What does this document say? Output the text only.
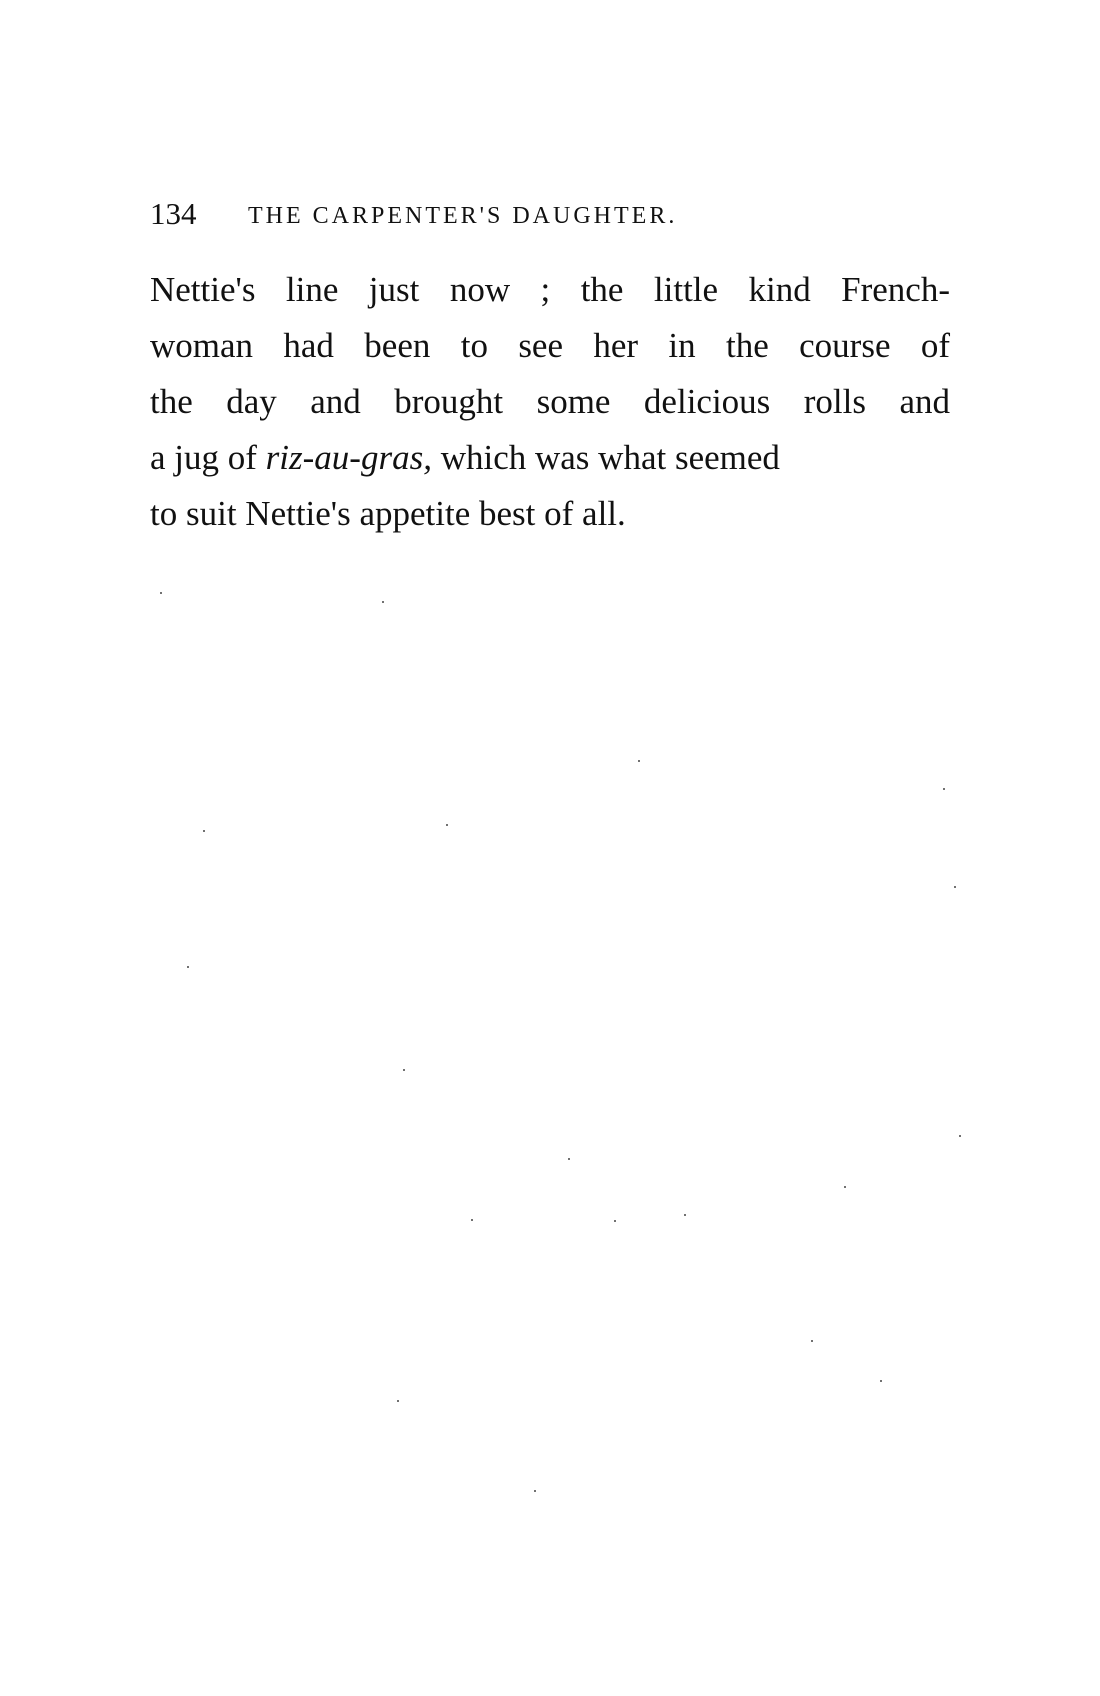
134 THE CARPENTER'S DAUGHTER.
Nettie's line just now ; the little kind French-
woman had been to see her in the course of
the day and brought some delicious rolls and
a jug of riz-au-gras, which was what seemed
to suit Nettie's appetite best of all.
